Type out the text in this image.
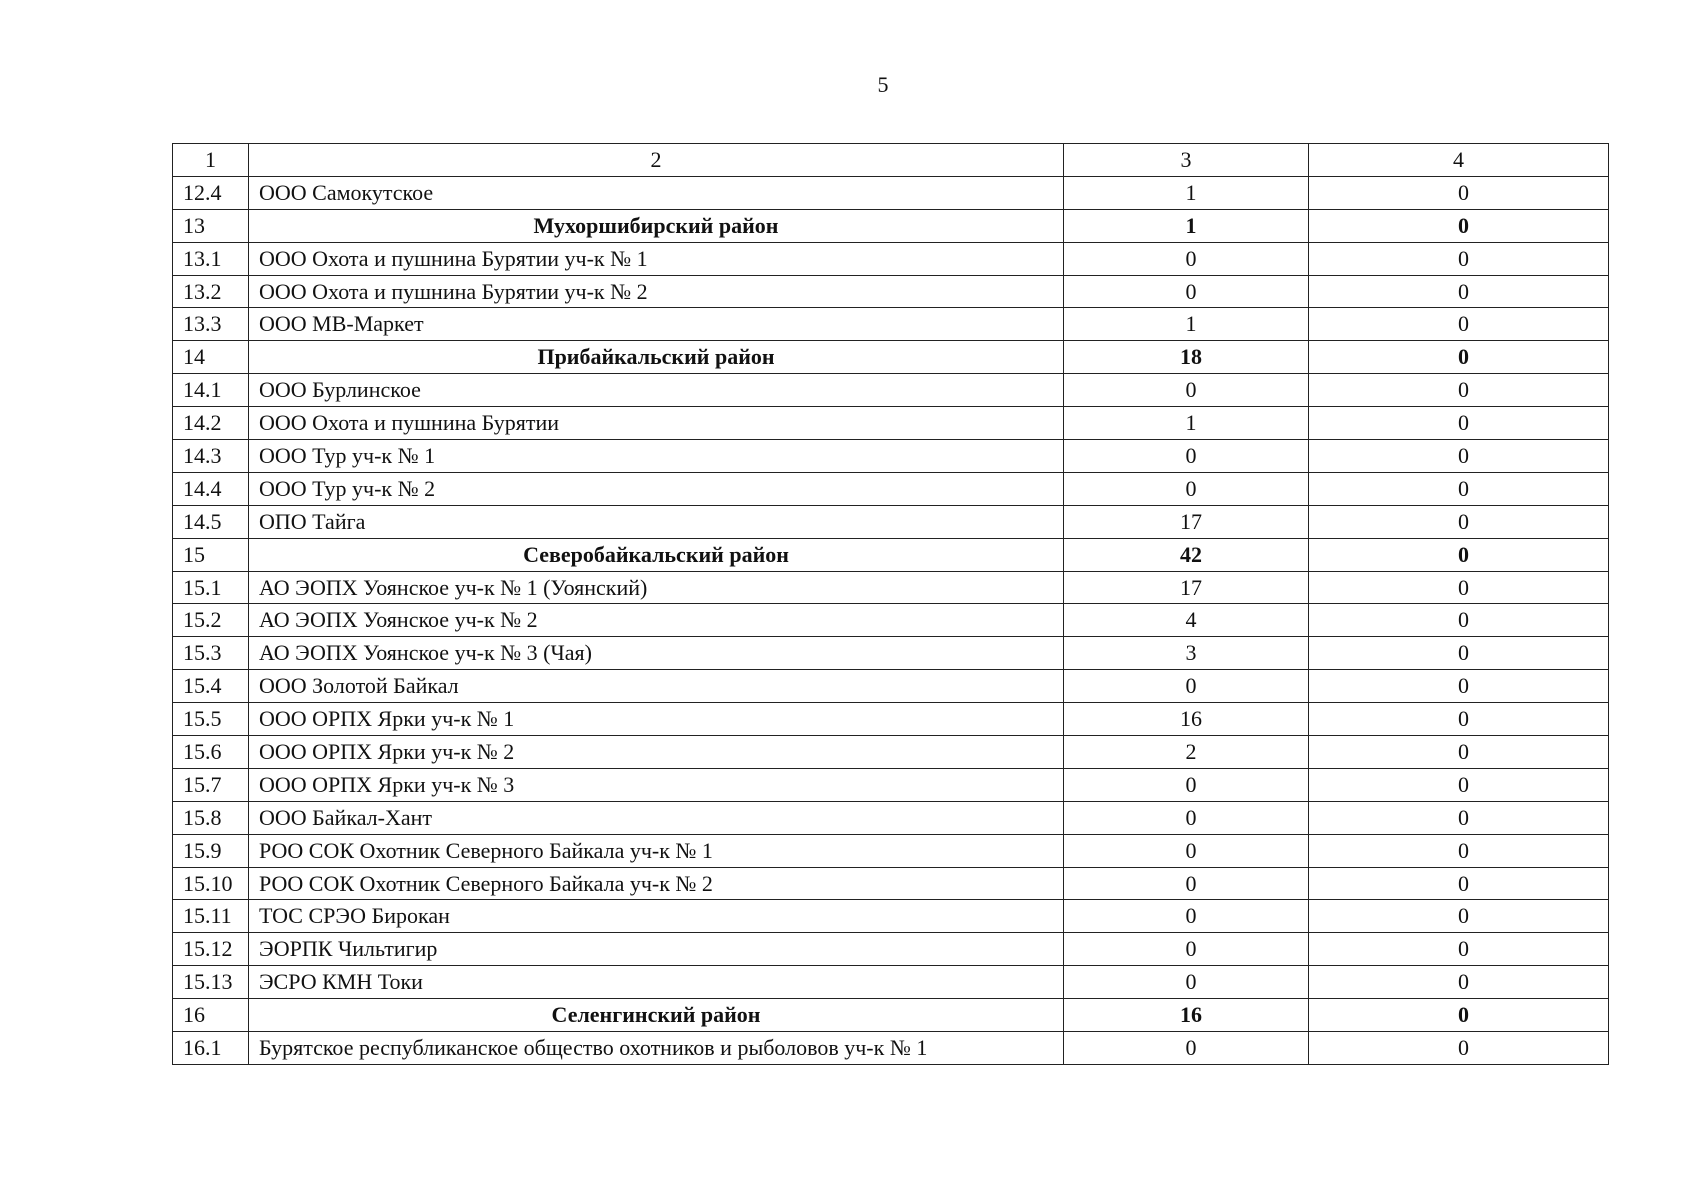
5
1	2	3	4
12.4	ООО Самокутское	1	0
13	Мухоршибирский район	1	0
13.1	ООО Охота и пушнина Бурятии уч-к № 1	0	0
13.2	ООО Охота и пушнина Бурятии уч-к № 2	0	0
13.3	ООО МВ-Маркет	1	0
14	Прибайкальский район	18	0
14.1	ООО Бурлинское	0	0
14.2	ООО Охота и пушнина Бурятии	1	0
14.3	ООО Тур уч-к № 1	0	0
14.4	ООО Тур уч-к № 2	0	0
14.5	ОПО Тайга	17	0
15	Северобайкальский район	42	0
15.1	АО ЭОПХ Уоянское уч-к № 1 (Уоянский)	17	0
15.2	АО ЭОПХ Уоянское уч-к № 2	4	0
15.3	АО ЭОПХ Уоянское уч-к № 3 (Чая)	3	0
15.4	ООО Золотой Байкал	0	0
15.5	ООО ОРПХ Ярки уч-к № 1	16	0
15.6	ООО ОРПХ Ярки уч-к № 2	2	0
15.7	ООО ОРПХ Ярки уч-к № 3	0	0
15.8	ООО Байкал-Хант	0	0
15.9	РОО СОК Охотник Северного Байкала уч-к № 1	0	0
15.10	РОО СОК Охотник Северного Байкала уч-к № 2	0	0
15.11	ТОС СРЭО Бирокан	0	0
15.12	ЭОРПК Чильтигир	0	0
15.13	ЭСРО КМН Токи	0	0
16	Селенгинский район	16	0
16.1	Бурятское республиканское общество охотников и рыболовов уч-к № 1	0	0
